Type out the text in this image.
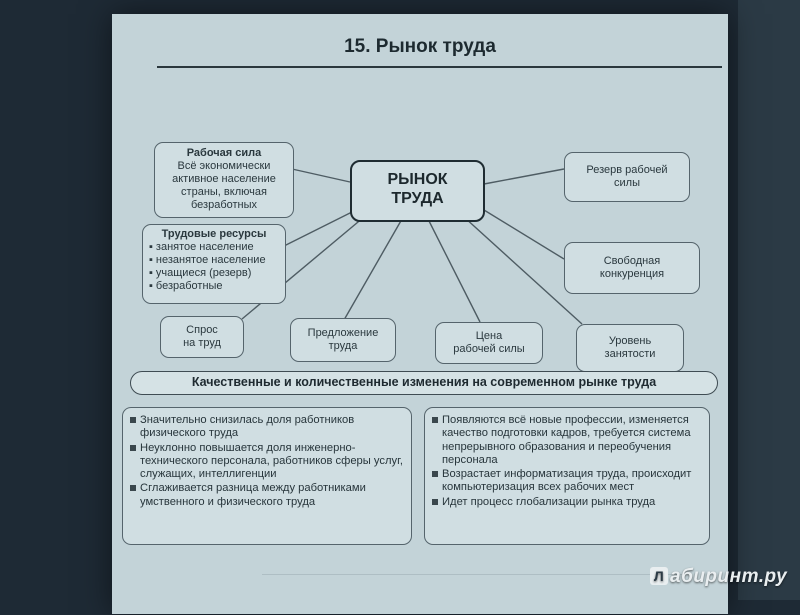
15. Рынок труда
РЫНОК
ТРУДА
Рабочая сила
Всё экономически
активное население
страны, включая
безработных
Трудовые ресурсы
▪ занятое население
▪ незанятое население
▪ учащиеся (резерв)
▪ безработные
Спрос
на труд
Предложение
труда
Цена
рабочей силы
Уровень
занятости
Свободная
конкуренция
Резерв рабочей
силы
Качественные и количественные изменения на современном рынке труда
Значительно снизилась доля работников физического труда
Неуклонно повышается доля инженерно-технического персонала, работников сферы услуг, служащих, интеллигенции
Сглаживается разница между работниками умственного и физического труда
Появляются всё новые профессии, изменяется качество подготовки кадров, требуется система непрерывного образования и переобучения персонала
Возрастает информатизация труда, происходит компьютеризация всех рабочих мест
Идет процесс глобализации рынка труда
Л абиринт.ру
